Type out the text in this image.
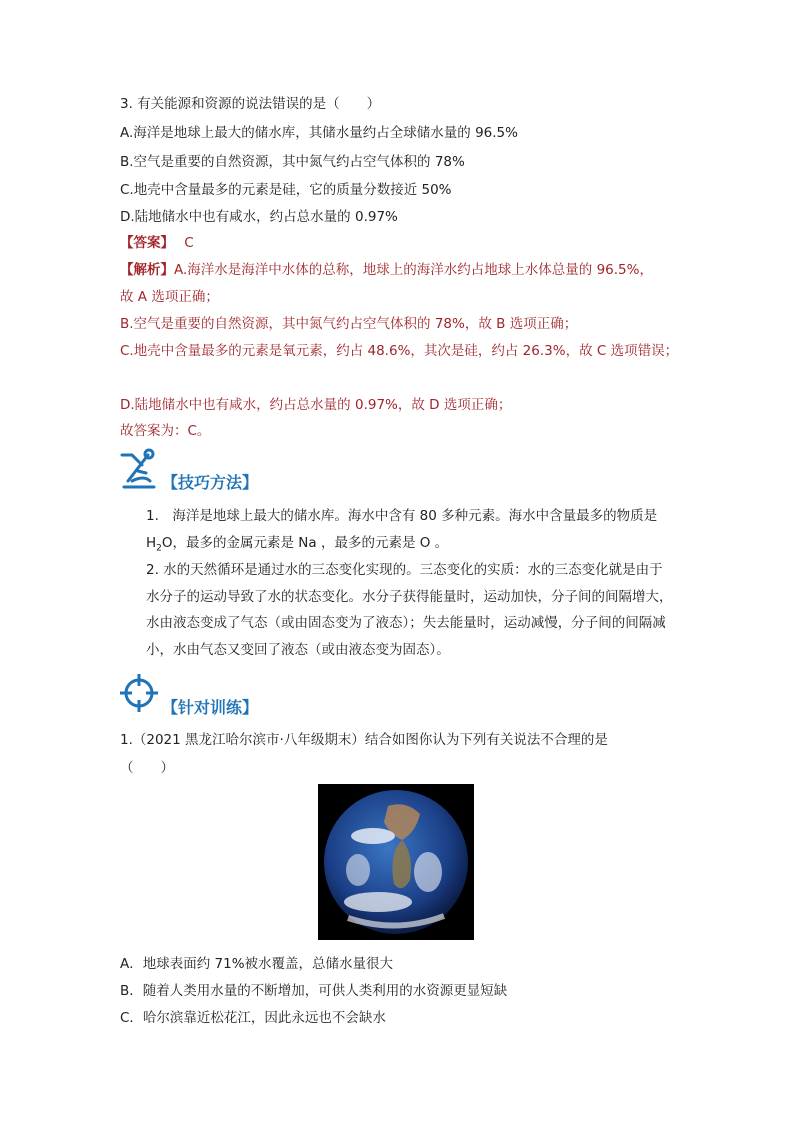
3. 有关能源和资源的说法错误的是（　　）
A.海洋是地球上最大的储水库，其储水量约占全球储水量的 96.5%
B.空气是重要的自然资源，其中氮气约占空气体积的 78%
C.地壳中含量最多的元素是硅，它的质量分数接近 50%
D.陆地储水中也有咸水，约占总水量的 0.97%
【答案】 C
【解析】A.海洋水是海洋中水体的总称，地球上的海洋水约占地球上水体总量的 96.5%，
故 A 选项正确；
B.空气是重要的自然资源，其中氮气约占空气体积的 78%，故 B 选项正确；
C.地壳中含量最多的元素是氧元素，约占 48.6%，其次是硅，约占 26.3%，故 C 选项错误；
D.陆地储水中也有咸水，约占总水量的 0.97%，故 D 选项正确；
故答案为：C。
【技巧方法】
1.　海洋是地球上最大的储水库。海水中含有 80 多种元素。海水中含量最多的物质是
$H_2O$，最多的金属元素是 Na ，最多的元素是 O 。
2. 水的天然循环是通过水的三态变化实现的。三态变化的实质：水的三态变化就是由于水分子的运动导致了水的状态变化。水分子获得能量时，运动加快，分子间的间隔增大，水由液态变成了气态（或由固态变为了液态）；失去能量时，运动减慢，分子间的间隔减小，水由气态又变回了液态（或由液态变为固态）。
【针对训练】
1.（2021 黑龙江哈尔滨市·八年级期末）结合如图你认为下列有关说法不合理的是
（　　）
A．地球表面约 71%被水覆盖，总储水量很大
B．随着人类用水量的不断增加，可供人类利用的水资源更显短缺
C．哈尔滨靠近松花江，因此永远也不会缺水
